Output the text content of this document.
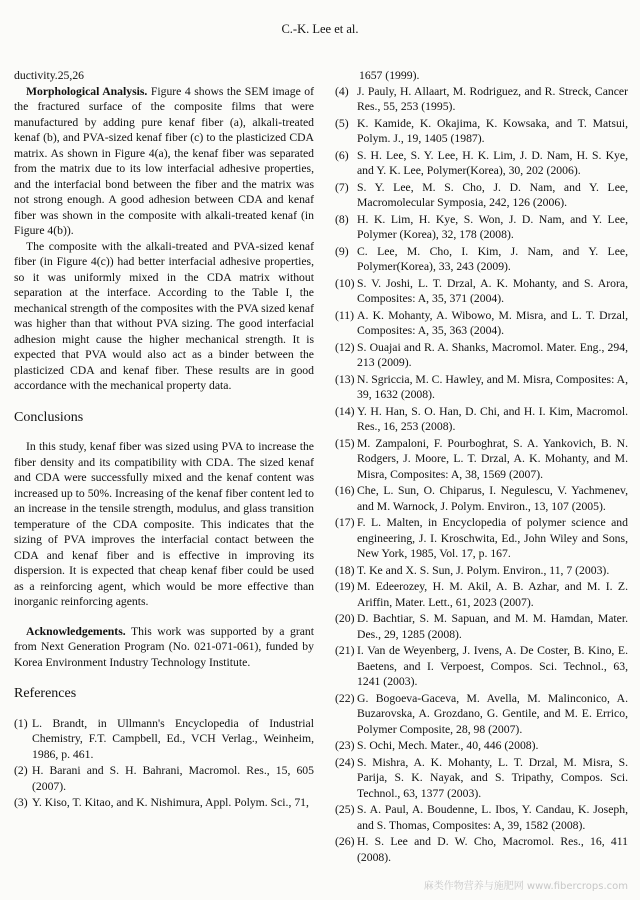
C.-K. Lee et al.

ductivity.25,26

Morphological Analysis. Figure 4 shows the SEM image of the fractured surface of the composite films that were manufactured by adding pure kenaf fiber (a), alkali-treated kenaf (b), and PVA-sized kenaf fiber (c) to the plasticized CDA matrix. As shown in Figure 4(a), the kenaf fiber was separated from the matrix due to its low interfacial adhesive properties, and the interfacial bond between the fiber and the matrix was not strong enough. A good adhesion between CDA and kenaf fiber was shown in the composite with alkali-treated kenaf (in Figure 4(b)).

The composite with the alkali-treated and PVA-sized kenaf fiber (in Figure 4(c)) had better interfacial adhesive properties, so it was uniformly mixed in the CDA matrix without separation at the interface. According to the Table I, the mechanical strength of the composites with the PVA sized kenaf was higher than that without PVA sizing. The good interfacial adhesion might cause the higher mechanical strength. It is expected that PVA would also act as a binder between the plasticized CDA and kenaf fiber. These results are in good accordance with the mechanical property data.

Conclusions

In this study, kenaf fiber was sized using PVA to increase the fiber density and its compatibility with CDA. The sized kenaf and CDA were successfully mixed and the kenaf content was increased up to 50%. Increasing of the kenaf fiber content led to an increase in the tensile strength, modulus, and glass transition temperature of the CDA composite. This indicates that the sizing of PVA improves the interfacial contact between the CDA and kenaf fiber and is effective in improving its dispersion. It is expected that cheap kenaf fiber could be used as a reinforcing agent, which would be more effective than inorganic reinforcing agents.

Acknowledgements. This work was supported by a grant from Next Generation Program (No. 021-071-061), funded by Korea Environment Industry Technology Institute.

References
(1) L. Brandt, in Ullmann's Encyclopedia of Industrial Chemistry, F.T. Campbell, Ed., VCH Verlag., Weinheim, 1986, p. 461.
(2) H. Barani and S. H. Bahrani, Macromol. Res., 15, 605 (2007).
(3) Y. Kiso, T. Kitao, and K. Nishimura, Appl. Polym. Sci., 71,

1657 (1999).

(4) J. Pauly, H. Allaart, M. Rodriguez, and R. Streck, Cancer Res., 55, 253 (1995).
(5) K. Kamide, K. Okajima, K. Kowsaka, and T. Matsui, Polym. J., 19, 1405 (1987).
(6) S. H. Lee, S. Y. Lee, H. K. Lim, J. D. Nam, H. S. Kye, and Y. K. Lee, Polymer(Korea), 30, 202 (2006).
(7) S. Y. Lee, M. S. Cho, J. D. Nam, and Y. Lee, Macromolecular Symposia, 242, 126 (2006).
(8) H. K. Lim, H. Kye, S. Won, J. D. Nam, and Y. Lee, Polymer (Korea), 32, 178 (2008).
(9) C. Lee, M. Cho, I. Kim, J. Nam, and Y. Lee, Polymer(Korea), 33, 243 (2009).
(10) S. V. Joshi, L. T. Drzal, A. K. Mohanty, and S. Arora, Composites: A, 35, 371 (2004).
(11) A. K. Mohanty, A. Wibowo, M. Misra, and L. T. Drzal, Composites: A, 35, 363 (2004).
(12) S. Ouajai and R. A. Shanks, Macromol. Mater. Eng., 294, 213 (2009).
(13) N. Sgriccia, M. C. Hawley, and M. Misra, Composites: A, 39, 1632 (2008).
(14) Y. H. Han, S. O. Han, D. Chi, and H. I. Kim, Macromol. Res., 16, 253 (2008).
(15) M. Zampaloni, F. Pourboghrat, S. A. Yankovich, B. N. Rodgers, J. Moore, L. T. Drzal, A. K. Mohanty, and M. Misra, Composites: A, 38, 1569 (2007).
(16) Che, L. Sun, O. Chiparus, I. Negulescu, V. Yachmenev, and M. Warnock, J. Polym. Environ., 13, 107 (2005).
(17) F. L. Malten, in Encyclopedia of polymer science and engineering, J. I. Kroschwita, Ed., John Wiley and Sons, New York, 1985, Vol. 17, p. 167.
(18) T. Ke and X. S. Sun, J. Polym. Environ., 11, 7 (2003).
(19) M. Edeerozey, H. M. Akil, A. B. Azhar, and M. I. Z. Ariffin, Mater. Lett., 61, 2023 (2007).
(20) D. Bachtiar, S. M. Sapuan, and M. M. Hamdan, Mater. Des., 29, 1285 (2008).
(21) I. Van de Weyenberg, J. Ivens, A. De Coster, B. Kino, E. Baetens, and I. Verpoest, Compos. Sci. Technol., 63, 1241 (2003).
(22) G. Bogoeva-Gaceva, M. Avella, M. Malinconico, A. Buzarovska, A. Grozdano, G. Gentile, and M. E. Errico, Polymer Composite, 28, 98 (2007).
(23) S. Ochi, Mech. Mater., 40, 446 (2008).
(24) S. Mishra, A. K. Mohanty, L. T. Drzal, M. Misra, S. Parija, S. K. Nayak, and S. Tripathy, Compos. Sci. Technol., 63, 1377 (2003).
(25) S. A. Paul, A. Boudenne, L. Ibos, Y. Candau, K. Joseph, and S. Thomas, Composites: A, 39, 1582 (2008).
(26) H. S. Lee and D. W. Cho, Macromol. Res., 16, 411 (2008).
麻类作物营养与施肥网 www.fibercrops.com
